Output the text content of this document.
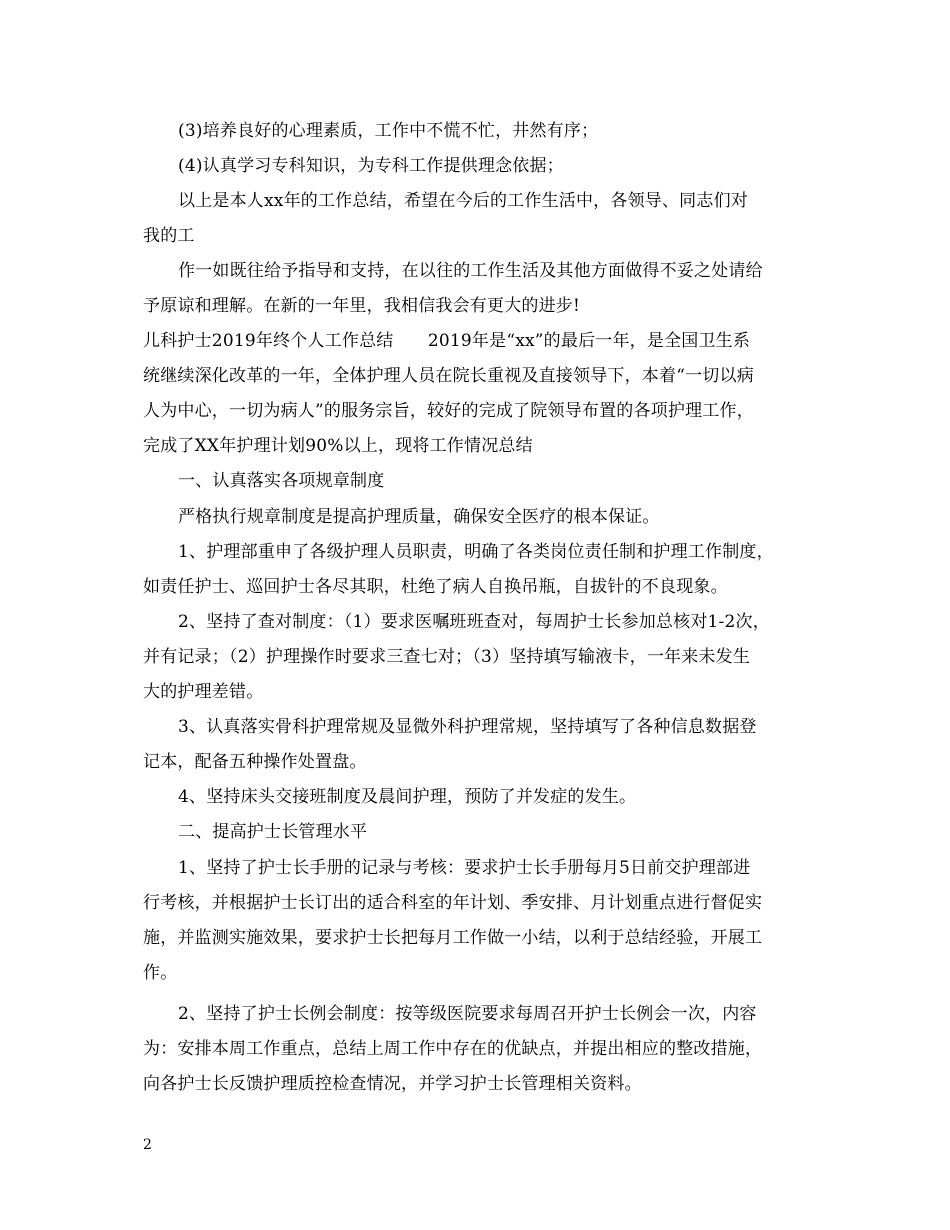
(3)培养良好的心理素质，工作中不慌不忙，井然有序；
(4)认真学习专科知识，为专科工作提供理念依据；
以上是本人xx年的工作总结，希望在今后的工作生活中，各领导、同志们对
我的工
作一如既往给予指导和支持，在以往的工作生活及其他方面做得不妥之处请给
予原谅和理解。在新的一年里，我相信我会有更大的进步!
儿科护士2019年终个人工作总结　　2019年是“xx”的最后一年，是全国卫生系
统继续深化改革的一年，全体护理人员在院长重视及直接领导下，本着“一切以病
人为中心，一切为病人”的服务宗旨，较好的完成了院领导布置的各项护理工作，
完成了XX年护理计划90%以上，现将工作情况总结
一、认真落实各项规章制度
严格执行规章制度是提高护理质量，确保安全医疗的根本保证。
1、护理部重申了各级护理人员职责，明确了各类岗位责任制和护理工作制度，
如责任护士、巡回护士各尽其职，杜绝了病人自换吊瓶，自拔针的不良现象。
2、坚持了查对制度：（1）要求医嘱班班查对，每周护士长参加总核对1-2次，
并有记录；（2）护理操作时要求三查七对；（3）坚持填写输液卡，一年来未发生
大的护理差错。
3、认真落实骨科护理常规及显微外科护理常规，坚持填写了各种信息数据登
记本，配备五种操作处置盘。
4、坚持床头交接班制度及晨间护理，预防了并发症的发生。
二、提高护士长管理水平
1、坚持了护士长手册的记录与考核：要求护士长手册每月5日前交护理部进
行考核，并根据护士长订出的适合科室的年计划、季安排、月计划重点进行督促实
施，并监测实施效果，要求护士长把每月工作做一小结，以利于总结经验，开展工
作。
2、坚持了护士长例会制度：按等级医院要求每周召开护士长例会一次，内容
为：安排本周工作重点，总结上周工作中存在的优缺点，并提出相应的整改措施，
向各护士长反馈护理质控检查情况，并学习护士长管理相关资料。
2
